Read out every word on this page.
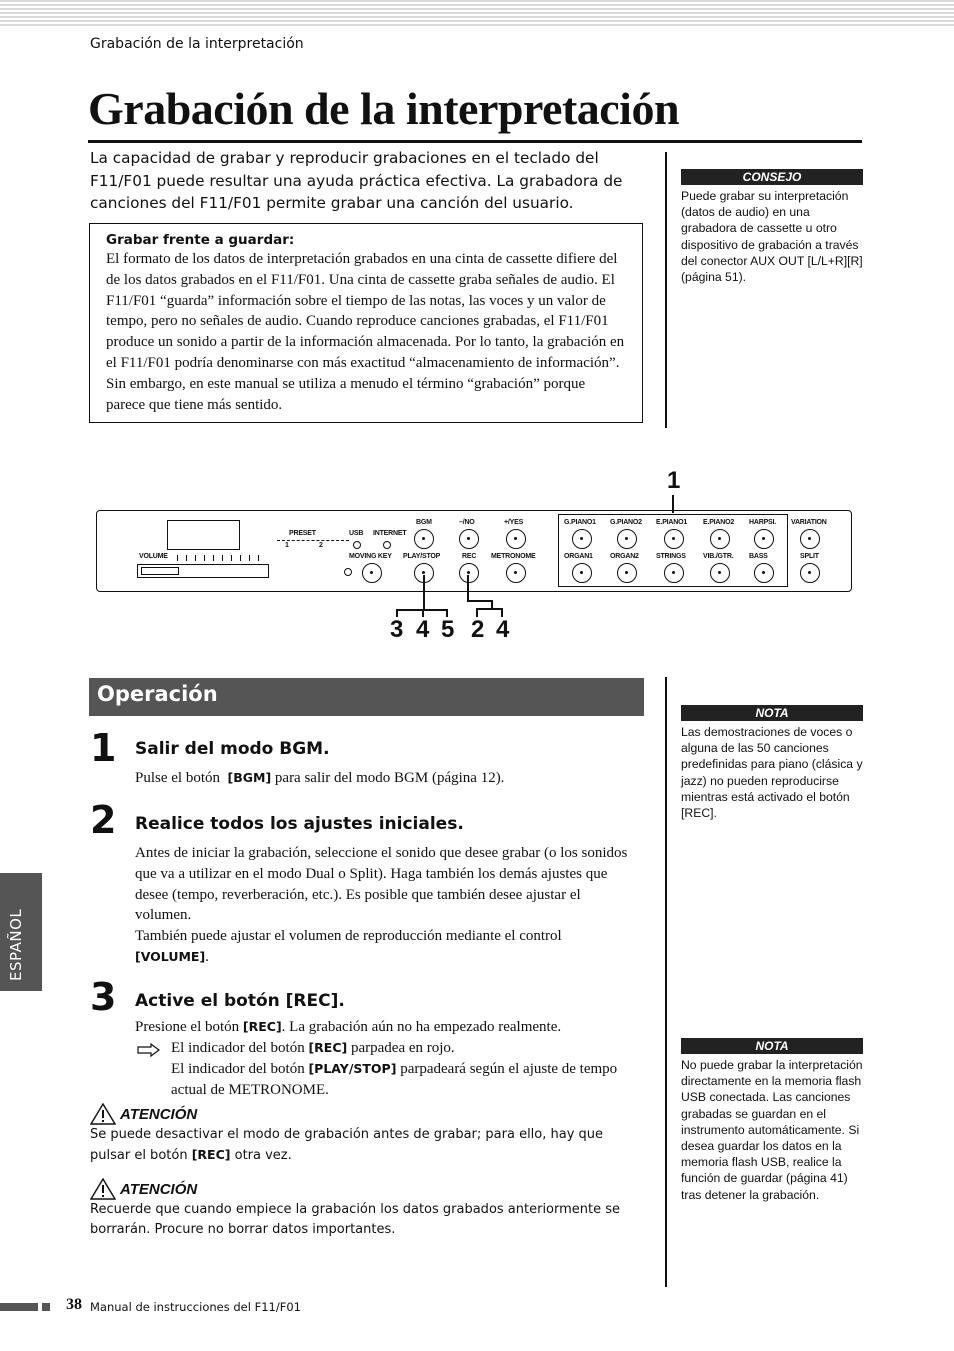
Grabación de la interpretación
Grabación de la interpretación
La capacidad de grabar y reproducir grabaciones en el teclado del F11/F01 puede resultar una ayuda práctica efectiva. La grabadora de canciones del F11/F01 permite grabar una canción del usuario.
CONSEJO
Puede grabar su interpretación (datos de audio) en una grabadora de cassette u otro dispositivo de grabación a través del conector AUX OUT [L/L+R][R] (página 51).
Grabar frente a guardar:
El formato de los datos de interpretación grabados en una cinta de cassette difiere del de los datos grabados en el F11/F01. Una cinta de cassette graba señales de audio. El F11/F01 “guarda” información sobre el tiempo de las notas, las voces y un valor de tempo, pero no señales de audio. Cuando reproduce canciones grabadas, el F11/F01 produce un sonido a partir de la información almacenada. Por lo tanto, la grabación en el F11/F01 podría denominarse con más exactitud “almacenamiento de información”. Sin embargo, en este manual se utiliza a menudo el término “grabación” porque parece que tiene más sentido.
VOLUME
PRESET
1	2
USB INTERNET
MOVING KEY
BGM
PLAY/STOP
–/NO
REC
+/YES
METRONOME
G.PIANO1 G.PIANO2 E.PIANO1 E.PIANO2 HARPSI.
ORGAN1 ORGAN2 STRINGS VIB./GTR. BASS
VARIATION
SPLIT
1
3 4 5 2 4
Operación
NOTA
Las demostraciones de voces o alguna de las 50 canciones predefinidas para piano (clásica y jazz) no pueden reproducirse mientras está activado el botón [REC].
1 Salir del modo BGM.
Pulse el botón [BGM] para salir del modo BGM (página 12).
2 Realice todos los ajustes iniciales.
Antes de iniciar la grabación, seleccione el sonido que desee grabar (o los sonidos que va a utilizar en el modo Dual o Split). Haga también los demás ajustes que desee (tempo, reverberación, etc.). Es posible que también desee ajustar el volumen.
También puede ajustar el volumen de reproducción mediante el control
[VOLUME].
3 Active el botón [REC].
Presione el botón [REC]. La grabación aún no ha empezado realmente.
El indicador del botón [REC] parpadea en rojo.
El indicador del botón [PLAY/STOP] parpadeará según el ajuste de tempo actual de METRONOME.
NOTA
No puede grabar la interpretación directamente en la memoria flash USB conectada. Las canciones grabadas se guardan en el instrumento automáticamente. Si desea guardar los datos en la memoria flash USB, realice la función de guardar (página 41) tras detener la grabación.
ATENCIÓN
Se puede desactivar el modo de grabación antes de grabar; para ello, hay que pulsar el botón [REC] otra vez.
ATENCIÓN
Recuerde que cuando empiece la grabación los datos grabados anteriormente se borrarán. Procure no borrar datos importantes.
ESPAÑOL
38 Manual de instrucciones del F11/F01
